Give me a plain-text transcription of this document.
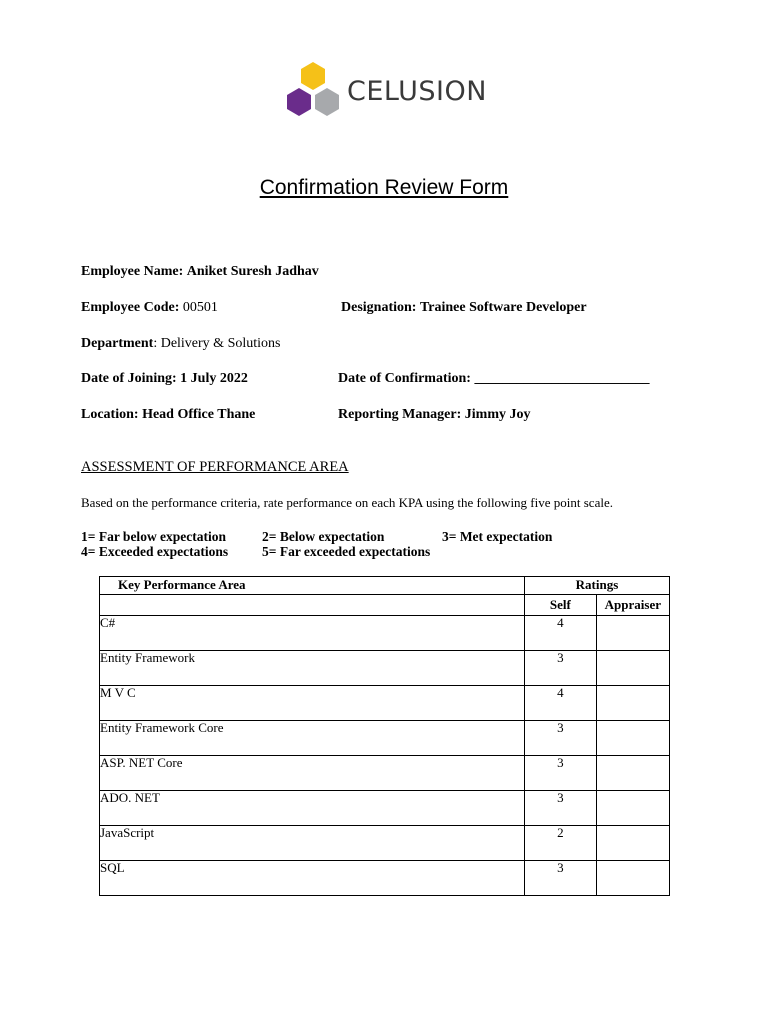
CELUSION
Confirmation Review Form
Employee Name: Aniket Suresh Jadhav
Employee Code: 00501	Designation: Trainee Software Developer
Department: Delivery & Solutions
Date of Joining: 1 July 2022	Date of Confirmation: _________________________
Location: Head Office Thane	Reporting Manager: Jimmy Joy
ASSESSMENT OF PERFORMANCE AREA
Based on the performance criteria, rate performance on each KPA using the following five point scale.
1= Far below expectation	2= Below expectation	3= Met expectation
4= Exceeded expectations	5= Far exceeded expectations
Key Performance Area	Ratings	
	Self	Appraiser
C#	4	
Entity Framework	3	
M V C	4	
Entity Framework Core	3	
ASP. NET Core	3	
ADO. NET	3	
JavaScript	2	
SQL	3	
